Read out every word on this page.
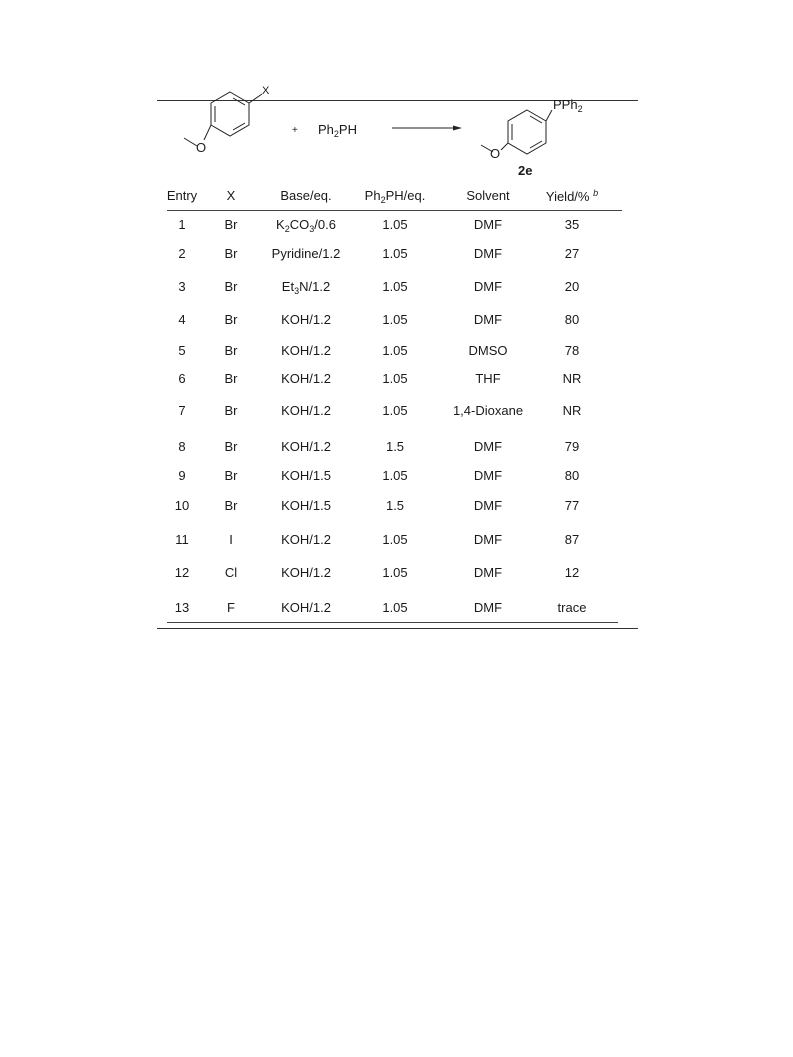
O	O
X
+ $Ph_2PH$
PPh$_2$
2e
Entry X	Base/eq.	$Ph_2PH/eq$.	Solvent	Yield/% $^b$
1	Br	$K_2CO_3/0.6$	1.05	DMF	35
2	Br	Pyridine/1.2	1.05	DMF	27
3	Br	$Et_3N/1.2$	1.05	DMF	20
4	Br	KOH/1.2	1.05	DMF	80
5	Br	KOH/1.2	1.05	DMSO	78
6	Br	KOH/1.2	1.05	THF	NR
7	Br	KOH/1.2	1.05	1,4-Dioxane	NR
8	Br	KOH/1.2	1.5	DMF	79
9	Br	KOH/1.5	1.05	DMF	80
10	Br	KOH/1.5	1.5	DMF	77
11	I	KOH/1.2	1.05	DMF	87
12	Cl	KOH/1.2	1.05	DMF	12
13	F	KOH/1.2	1.05	DMF	trace
